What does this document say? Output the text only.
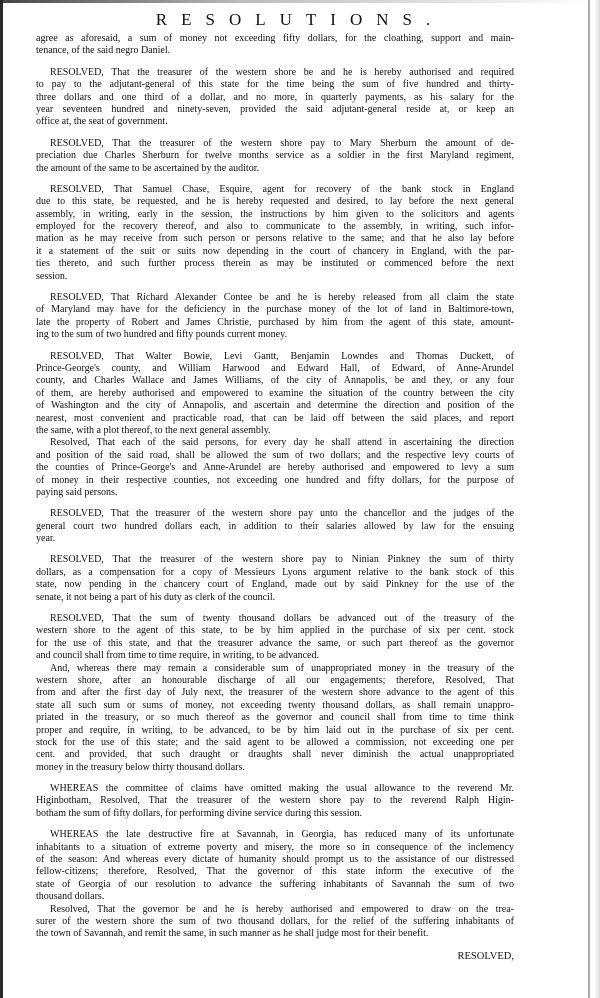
RESOLUTIONS.
agree as aforesaid, a sum of money not exceeding fifty dollars, for the cloathing, support and main-
tenance, of the said negro Daniel.
RESOLVED, That the treasurer of the western shore be and he is hereby authorised and required
to pay to the adjutant-general of this state for the time being the sum of five hundred and thirty-
three dollars and one third of a dollar, and no more, in quarterly payments, as his salary for the
year seventeen hundred and ninety-seven, provided the said adjutant-general reside at, or keep an
office at, the seat of government.
RESOLVED, That the treasurer of the western shore pay to Mary Sherburn the amount of de-
preciation due Charles Sherburn for twelve months service as a soldier in the first Maryland regiment,
the amount of the same to be ascertained by the auditor.
RESOLVED, That Samuel Chase, Esquire, agent for recovery of the bank stock in England
due to this state, be requested, and he is hereby requested and desired, to lay before the next general
assembly, in writing, early in the session, the instructions by him given to the solicitors and agents
employed for the recovery thereof, and also to communicate to the assembly, in writing, such infor-
mation as he may receive from such person or persons relative to the same; and that he also lay before
it a statement of the suit or suits now depending in the court of chancery in England, with the par-
ties thereto, and such further process therein as may be instituted or commenced before the next
session.
RESOLVED, That Richard Alexander Contee be and he is hereby released from all claim the state
of Maryland may have for the deficiency in the purchase money of the lot of land in Baltimore-town,
late the property of Robert and James Christie, purchased by him from the agent of this state, amount-
ing to the sum of two hundred and fifty pounds current money.
RESOLVED, That Walter Bowie, Levi Gantt, Benjamin Lowndes and Thomas Duckett, of
Prince-George's county, and William Harwood and Edward Hall, of Edward, of Anne-Arundel
county, and Charles Wallace and James Williams, of the city of Annapolis, be and they, or any four
of them, are hereby authorised and empowered to examine the situation of the country between the city
of Washington and the city of Annapolis, and ascertain and determine the direction and position of the
nearest, most convenient and practicable road, that can be laid off between the said places, and report
the same, with a plot thereof, to the next general assembly.
Resolved, That each of the said persons, for every day he shall attend in ascertaining the direction
and position of the said road, shall be allowed the sum of two dollars; and the respective levy courts of
the counties of Prince-George's and Anne-Arundel are hereby authorised and empowered to levy a sum
of money in their respective counties, not exceeding one hundred and fifty dollars, for the purpose of
paying said persons.
RESOLVED, That the treasurer of the western shore pay unto the chancellor and the judges of the
general court two hundred dollars each, in addition to their salaries allowed by law for the ensuing
year.
RESOLVED, That the treasurer of the western shore pay to Ninian Pinkney the sum of thirty
dollars, as a compensation for a copy of Messieurs Lyons argument relative to the bank stock of this
state, now pending in the chancery court of England, made out by said Pinkney for the use of the
senate, it not being a part of his duty as clerk of the council.
RESOLVED, That the sum of twenty thousand dollars be advanced out of the treasury of the
western shore to the agent of this state, to be by him applied in the purchase of six per cent. stock
for the use of this state, and that the treasurer advance the same, or such part thereof as the governor
and council shall from time to time require, in writing, to be advanced.
And, whereas there may remain a considerable sum of unappropriated money in the treasury of the
western shore, after an honourable discharge of all our engagements; therefore, Resolved, That
from and after the first day of July next, the treasurer of the western shore advance to the agent of this
state all such sum or sums of money, not exceeding twenty thousand dollars, as shall remain unappro-
priated in the treasury, or so much thereof as the governor and council shall from time to time think
proper and require, in writing, to be advanced, to be by him laid out in the purchase of six per cent.
stock for the use of this state; and the said agent to be allowed a commission, not exceeding one per
cent. and provided, that such draught or draughts shall never diminish the actual unappropriated
money in the treasury below thirty thousand dollars.
WHEREAS the committee of claims have omitted making the usual allowance to the reverend Mr.
Higinbotham, Resolved, That the treasurer of the western shore pay to the reverend Ralph Higin-
botham the sum of fifty dollars, for performing divine service during this session.
WHEREAS the late destructive fire at Savannah, in Georgia, has reduced many of its unfortunate
inhabitants to a situation of extreme poverty and misery, the more so in consequence of the inclemency
of the season: And whereas every dictate of humanity should prompt us to the assistance of our distressed
fellow-citizens; therefore, Resolved, That the governor of this state inform the executive of the
state of Georgia of our resolution to advance the suffering inhabitants of Savannah the sum of two
thousand dollars.
Resolved, That the governor be and he is hereby authorised and empowered to draw on the trea-
surer of the western shore the sum of two thousand dollars, for the relief of the suffering inhabitants of
the town of Savannah, and remit the same, in such manner as he shall judge most for their benefit.
RESOLVED,
